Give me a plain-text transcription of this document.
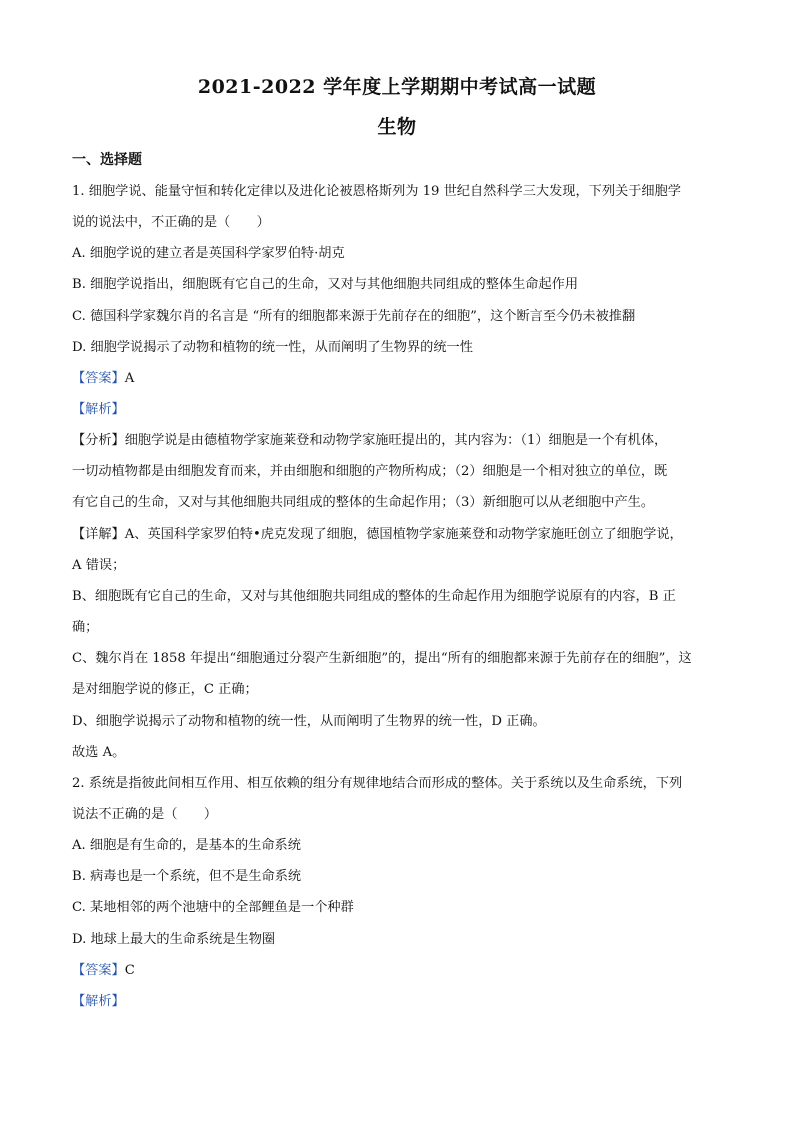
2021-2022 学年度上学期期中考试高一试题
生物
一、选择题
1. 细胞学说、能量守恒和转化定律以及进化论被恩格斯列为 19 世纪自然科学三大发现，下列关于细胞学
说的说法中，不正确的是（　　）
A. 细胞学说的建立者是英国科学家罗伯特·胡克
B. 细胞学说指出，细胞既有它自己的生命，又对与其他细胞共同组成的整体生命起作用
C. 德国科学家魏尔肖的名言是 “所有的细胞都来源于先前存在的细胞”，这个断言至今仍未被推翻
D. 细胞学说揭示了动物和植物的统一性，从而阐明了生物界的统一性
【答案】A
【解析】
【分析】细胞学说是由德植物学家施莱登和动物学家施旺提出的，其内容为：（1）细胞是一个有机体，
一切动植物都是由细胞发育而来，并由细胞和细胞的产物所构成；（2）细胞是一个相对独立的单位，既
有它自己的生命，又对与其他细胞共同组成的整体的生命起作用；（3）新细胞可以从老细胞中产生。
【详解】A、英国科学家罗伯特•虎克发现了细胞，德国植物学家施莱登和动物学家施旺创立了细胞学说，
A 错误；
B、细胞既有它自己的生命，又对与其他细胞共同组成的整体的生命起作用为细胞学说原有的内容，B 正
确；
C、魏尔肖在 1858 年提出“细胞通过分裂产生新细胞”的，提出“所有的细胞都来源于先前存在的细胞”，这
是对细胞学说的修正，C 正确；
D、细胞学说揭示了动物和植物的统一性，从而阐明了生物界的统一性，D 正确。
故选 A。
2. 系统是指彼此间相互作用、相互依赖的组分有规律地结合而形成的整体。关于系统以及生命系统，下列
说法不正确的是（　　）
A. 细胞是有生命的，是基本的生命系统
B. 病毒也是一个系统，但不是生命系统
C. 某地相邻的两个池塘中的全部鲤鱼是一个种群
D. 地球上最大的生命系统是生物圈
【答案】C
【解析】
